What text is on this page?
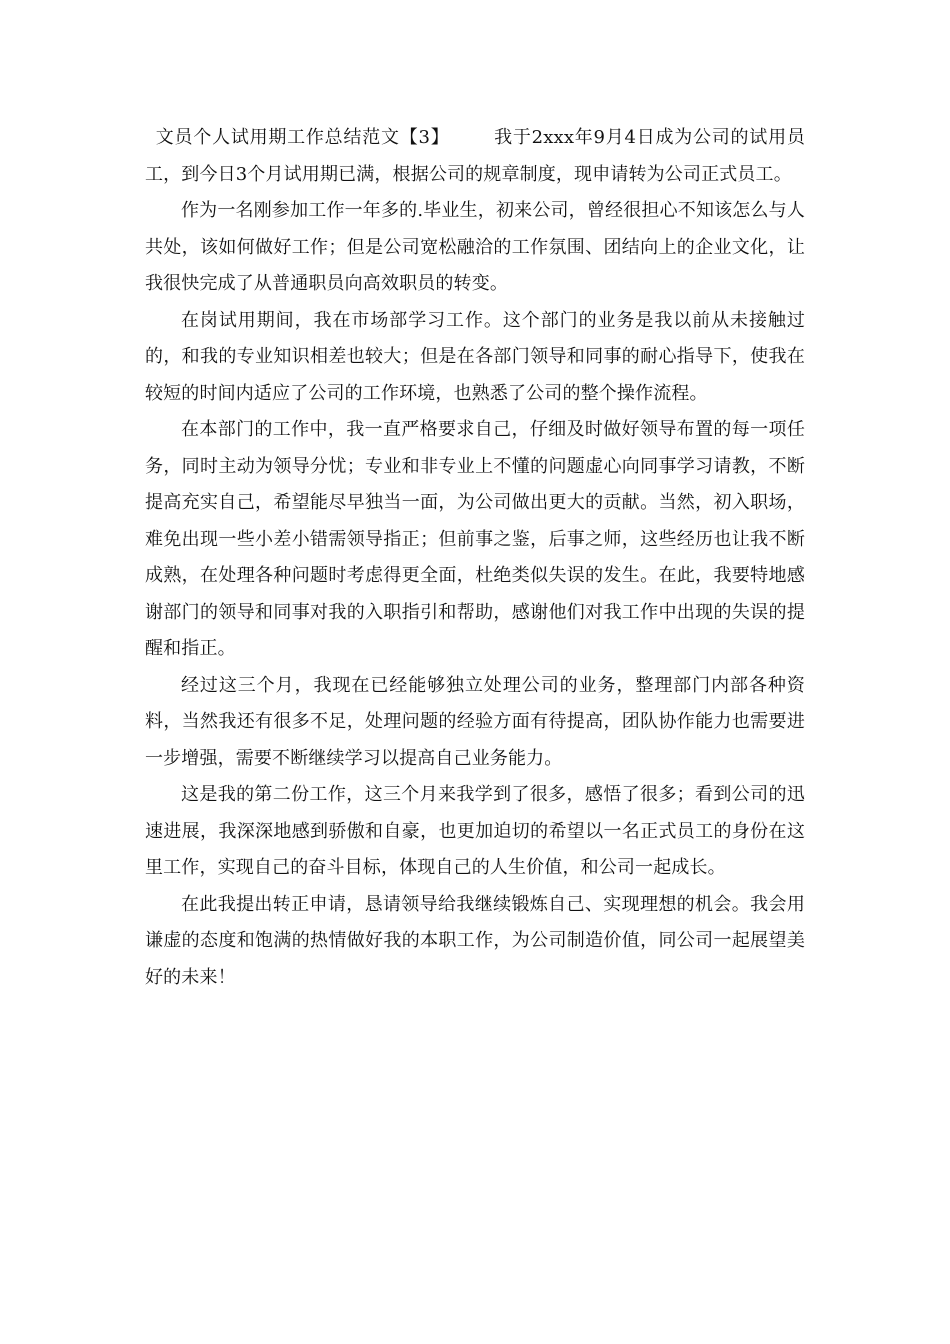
文员个人试用期工作总结范文【3】 我于2xxx年9月4日成为公司的试用员工，到今日3个月试用期已满，根据公司的规章制度，现申请转为公司正式员工。

作为一名刚参加工作一年多的.毕业生，初来公司，曾经很担心不知该怎么与人共处，该如何做好工作；但是公司宽松融洽的工作氛围、团结向上的企业文化，让我很快完成了从普通职员向高效职员的转变。

在岗试用期间，我在市场部学习工作。这个部门的业务是我以前从未接触过的，和我的专业知识相差也较大；但是在各部门领导和同事的耐心指导下，使我在较短的时间内适应了公司的工作环境，也熟悉了公司的整个操作流程。

在本部门的工作中，我一直严格要求自己，仔细及时做好领导布置的每一项任务，同时主动为领导分忧；专业和非专业上不懂的问题虚心向同事学习请教，不断提高充实自己，希望能尽早独当一面，为公司做出更大的贡献。当然，初入职场，难免出现一些小差小错需领导指正；但前事之鉴，后事之师，这些经历也让我不断成熟，在处理各种问题时考虑得更全面，杜绝类似失误的发生。在此，我要特地感谢部门的领导和同事对我的入职指引和帮助，感谢他们对我工作中出现的失误的提醒和指正。

经过这三个月，我现在已经能够独立处理公司的业务，整理部门内部各种资料，当然我还有很多不足，处理问题的经验方面有待提高，团队协作能力也需要进一步增强，需要不断继续学习以提高自己业务能力。

这是我的第二份工作，这三个月来我学到了很多，感悟了很多；看到公司的迅速进展，我深深地感到骄傲和自豪，也更加迫切的希望以一名正式员工的身份在这里工作，实现自己的奋斗目标，体现自己的人生价值，和公司一起成长。

在此我提出转正申请，恳请领导给我继续锻炼自己、实现理想的机会。我会用谦虚的态度和饱满的热情做好我的本职工作，为公司制造价值，同公司一起展望美好的未来！
